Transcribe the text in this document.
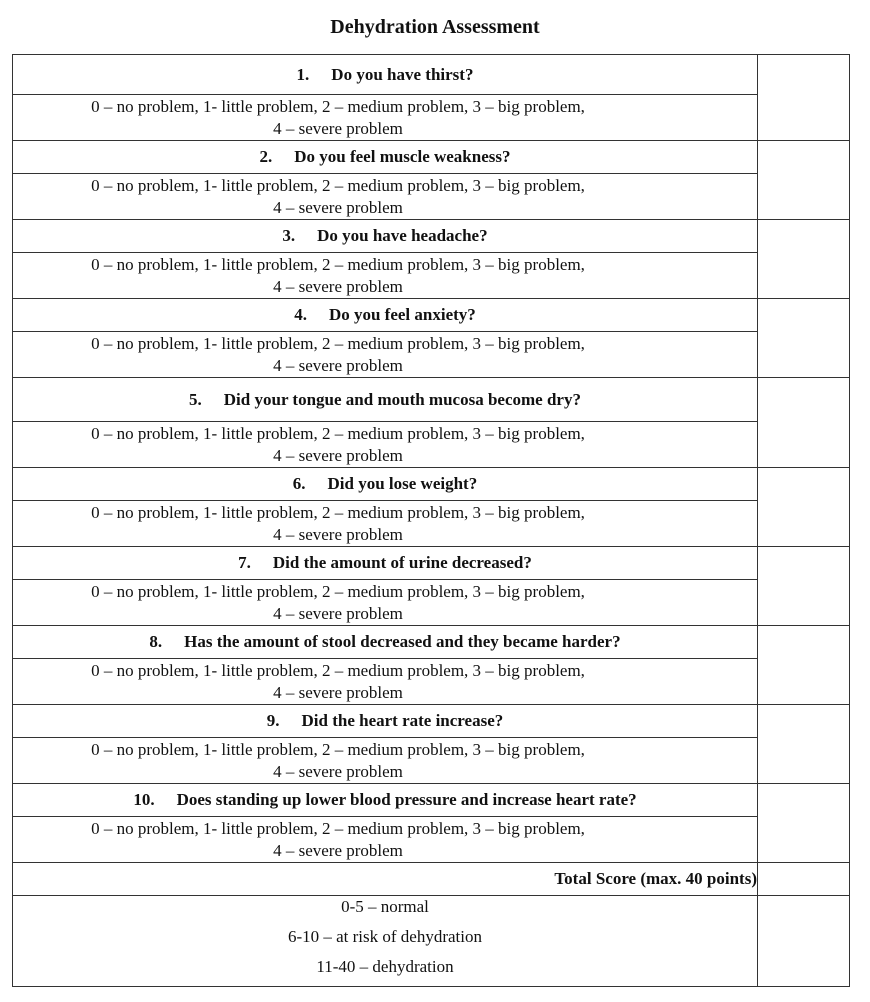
Dehydration Assessment
1. Do you have thirst?	

0 – no problem, 1- little problem, 2 – medium problem, 3 – big problem,
4 – severe problem	

2. Do you feel muscle weakness?	

0 – no problem, 1- little problem, 2 – medium problem, 3 – big problem,
4 – severe problem	

3. Do you have headache?	

0 – no problem, 1- little problem, 2 – medium problem, 3 – big problem,
4 – severe problem	

4. Do you feel anxiety?	

0 – no problem, 1- little problem, 2 – medium problem, 3 – big problem,
4 – severe problem	

5. Did your tongue and mouth mucosa become dry?	

0 – no problem, 1- little problem, 2 – medium problem, 3 – big problem,
4 – severe problem	

6. Did you lose weight?	

0 – no problem, 1- little problem, 2 – medium problem, 3 – big problem,
4 – severe problem	

7. Did the amount of urine decreased?	

0 – no problem, 1- little problem, 2 – medium problem, 3 – big problem,
4 – severe problem	

8. Has the amount of stool decreased and they became harder?	

0 – no problem, 1- little problem, 2 – medium problem, 3 – big problem,
4 – severe problem	

9. Did the heart rate increase?	

0 – no problem, 1- little problem, 2 – medium problem, 3 – big problem,
4 – severe problem	

10. Does standing up lower blood pressure and increase heart rate?	

0 – no problem, 1- little problem, 2 – medium problem, 3 – big problem,
4 – severe problem	

Total Score (max. 40 points)	

0-5 – normal
6-10 – at risk of dehydration
11-40 – dehydration	
